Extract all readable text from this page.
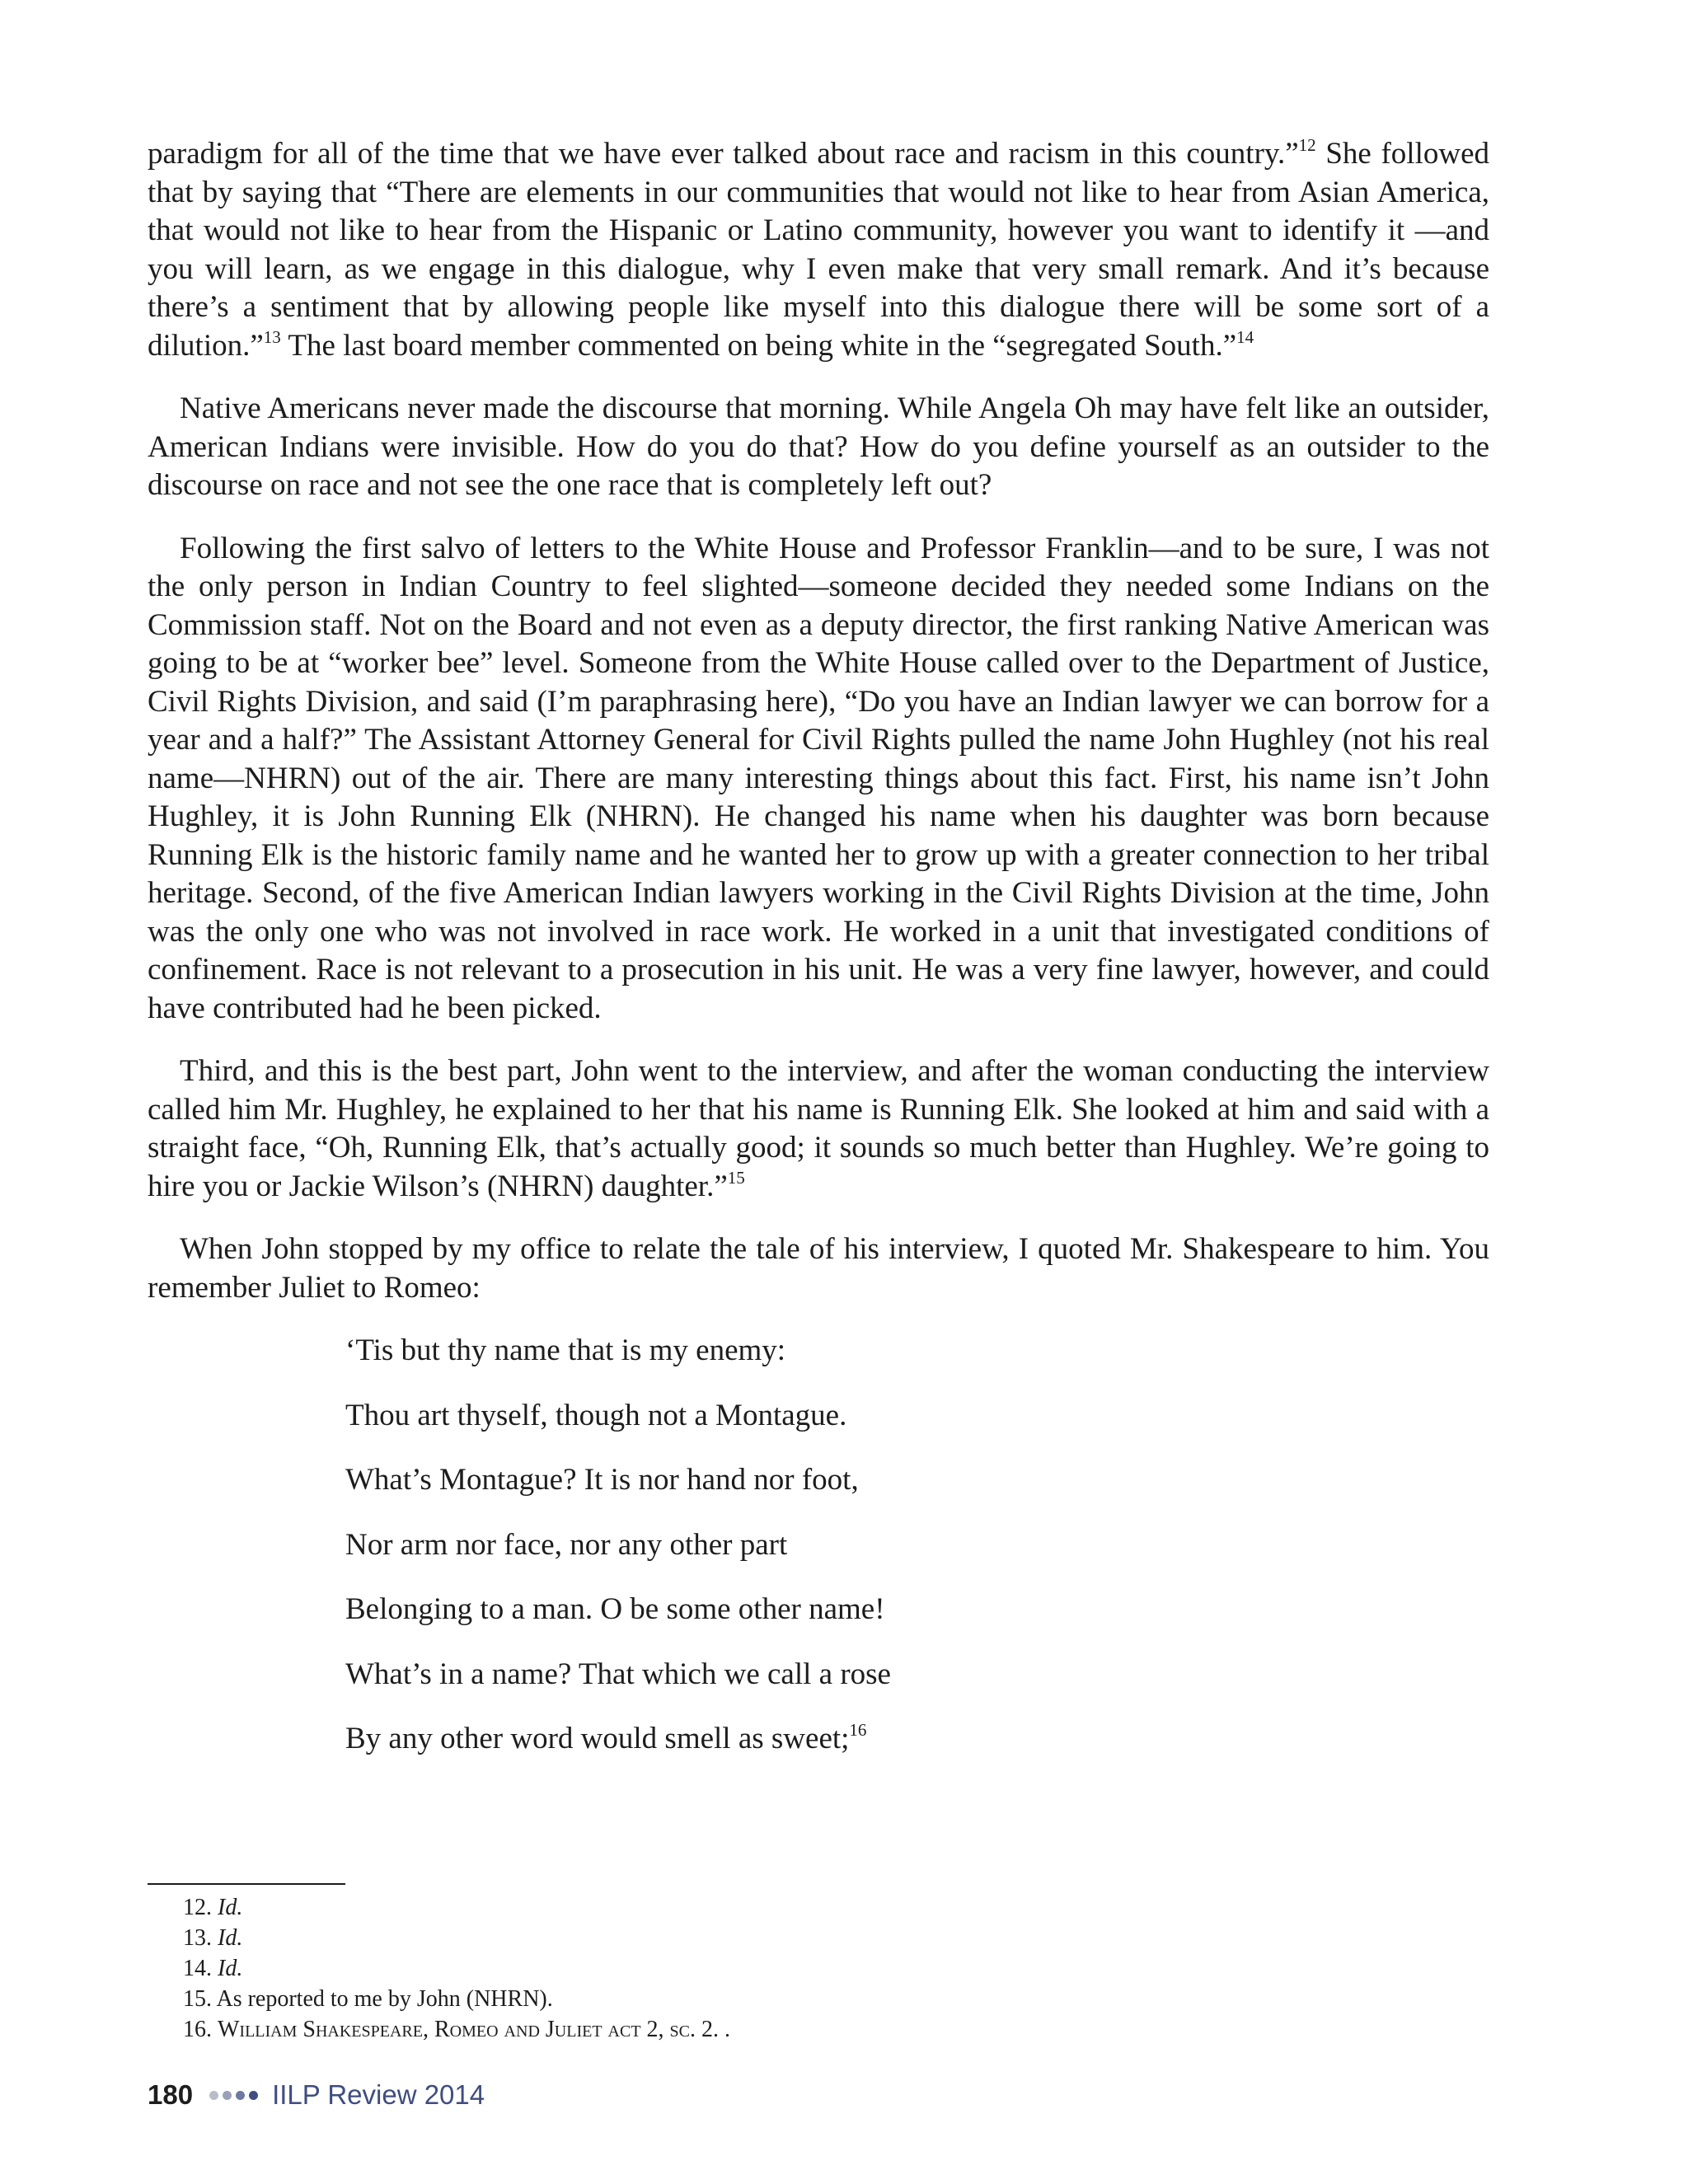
paradigm for all of the time that we have ever talked about race and racism in this country.”$^{12}$ She followed that by saying that “There are elements in our communities that would not like to hear from Asian America, that would not like to hear from the Hispanic or Latino community, however you want to identify it —and you will learn, as we engage in this dialogue, why I even make that very small remark. And it’s because there’s a sentiment that by allowing people like myself into this dialogue there will be some sort of a dilution.”$^{13}$ The last board member commented on being white in the “segregated South.”$^{14}$

Native Americans never made the discourse that morning. While Angela Oh may have felt like an outsider, American Indians were invisible. How do you do that? How do you define yourself as an outsider to the discourse on race and not see the one race that is completely left out?

Following the first salvo of letters to the White House and Professor Franklin—and to be sure, I was not the only person in Indian Country to feel slighted—someone decided they needed some Indians on the Commission staff. Not on the Board and not even as a deputy director, the first ranking Native American was going to be at “worker bee” level. Someone from the White House called over to the Department of Justice, Civil Rights Division, and said (I’m paraphrasing here), “Do you have an Indian lawyer we can borrow for a year and a half?” The Assistant Attorney General for Civil Rights pulled the name John Hughley (not his real name—NHRN) out of the air. There are many interesting things about this fact. First, his name isn’t John Hughley, it is John Running Elk (NHRN). He changed his name when his daughter was born because Running Elk is the historic family name and he wanted her to grow up with a greater connection to her tribal heritage. Second, of the five American Indian lawyers working in the Civil Rights Division at the time, John was the only one who was not involved in race work. He worked in a unit that investigated conditions of confinement. Race is not relevant to a prosecution in his unit. He was a very fine lawyer, however, and could have contributed had he been picked.

Third, and this is the best part, John went to the interview, and after the woman conducting the interview called him Mr. Hughley, he explained to her that his name is Running Elk. She looked at him and said with a straight face, “Oh, Running Elk, that’s actually good; it sounds so much better than Hughley. We’re going to hire you or Jackie Wilson’s (NHRN) daughter.”$^{15}$

When John stopped by my office to relate the tale of his interview, I quoted Mr. Shakespeare to him. You remember Juliet to Romeo:

‘Tis but thy name that is my enemy:
Thou art thyself, though not a Montague.
What’s Montague? It is nor hand nor foot,
Nor arm nor face, nor any other part
Belonging to a man. O be some other name!
What’s in a name? That which we call a rose
By any other word would smell as sweet;$^{16}$

12. Id.

13. Id.

14. Id.

15. As reported to me by John (NHRN).

16. William Shakespeare, Romeo and Juliet act 2, sc. 2. .

180	IILP Review 2014
